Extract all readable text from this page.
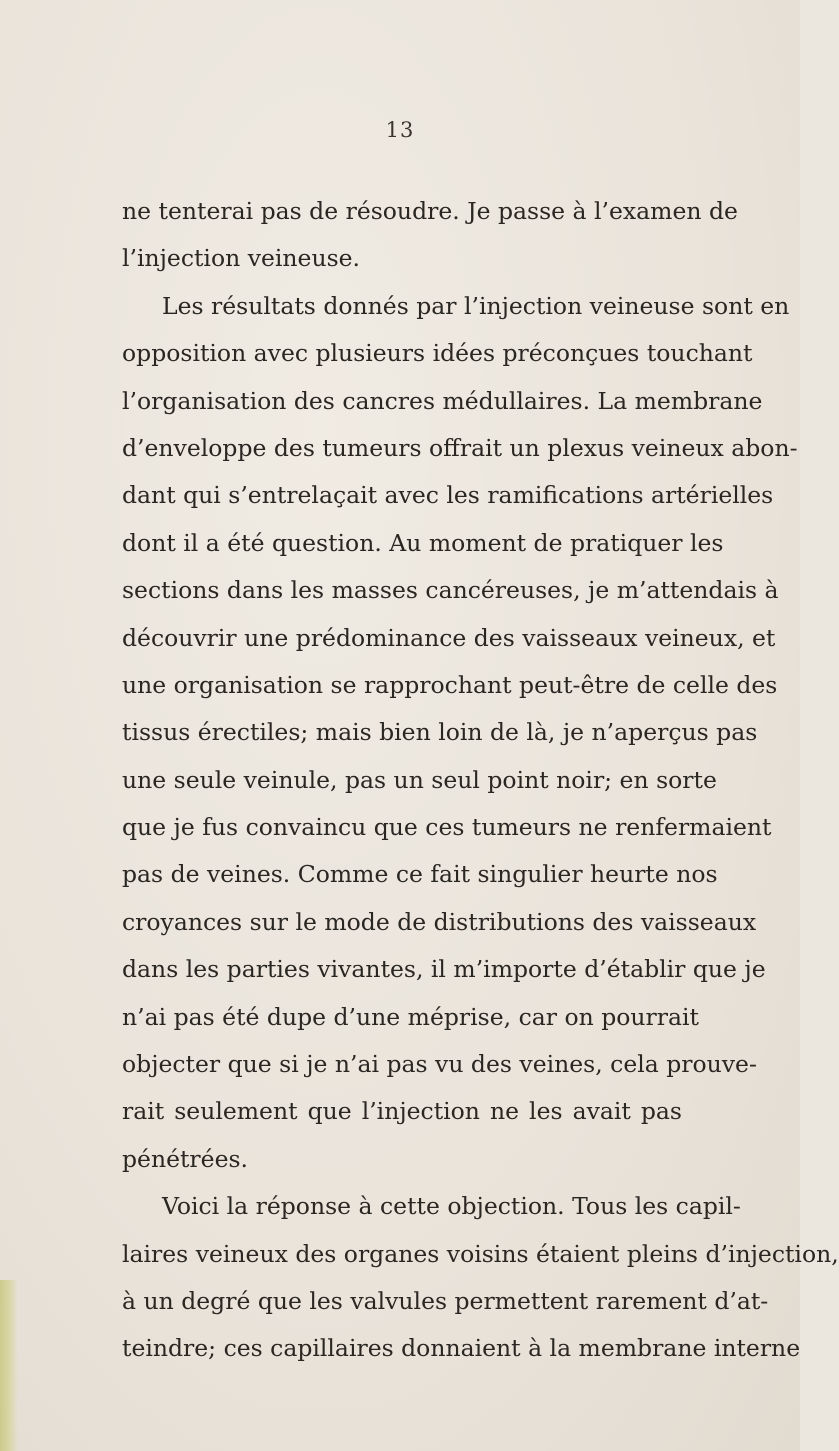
13
ne tenterai pas de résoudre. Je passe à l’examen de
l’injection veineuse.
Les résultats donnés par l’injection veineuse sont en
opposition avec plusieurs idées préconçues touchant
l’organisation des cancres médullaires. La membrane
d’enveloppe des tumeurs offrait un plexus veineux abon-
dant qui s’entrelaçait avec les ramifications artérielles
dont il a été question. Au moment de pratiquer les
sections dans les masses cancéreuses, je m’attendais à
découvrir une prédominance des vaisseaux veineux, et
une organisation se rapprochant peut-être de celle des
tissus érectiles; mais bien loin de là, je n’aperçus pas
une seule veinule, pas un seul point noir; en sorte
que je fus convaincu que ces tumeurs ne renfermaient
pas de veines. Comme ce fait singulier heurte nos
croyances sur le mode de distributions des vaisseaux
dans les parties vivantes, il m’importe d’établir que je
n’ai pas été dupe d’une méprise, car on pourrait
objecter que si je n’ai pas vu des veines, cela prouve-
rait seulement que l’injection ne les avait pas
pénétrées.
Voici la réponse à cette objection. Tous les capil-
laires veineux des organes voisins étaient pleins d’injection,
à un degré que les valvules permettent rarement d’at-
teindre; ces capillaires donnaient à la membrane interne
